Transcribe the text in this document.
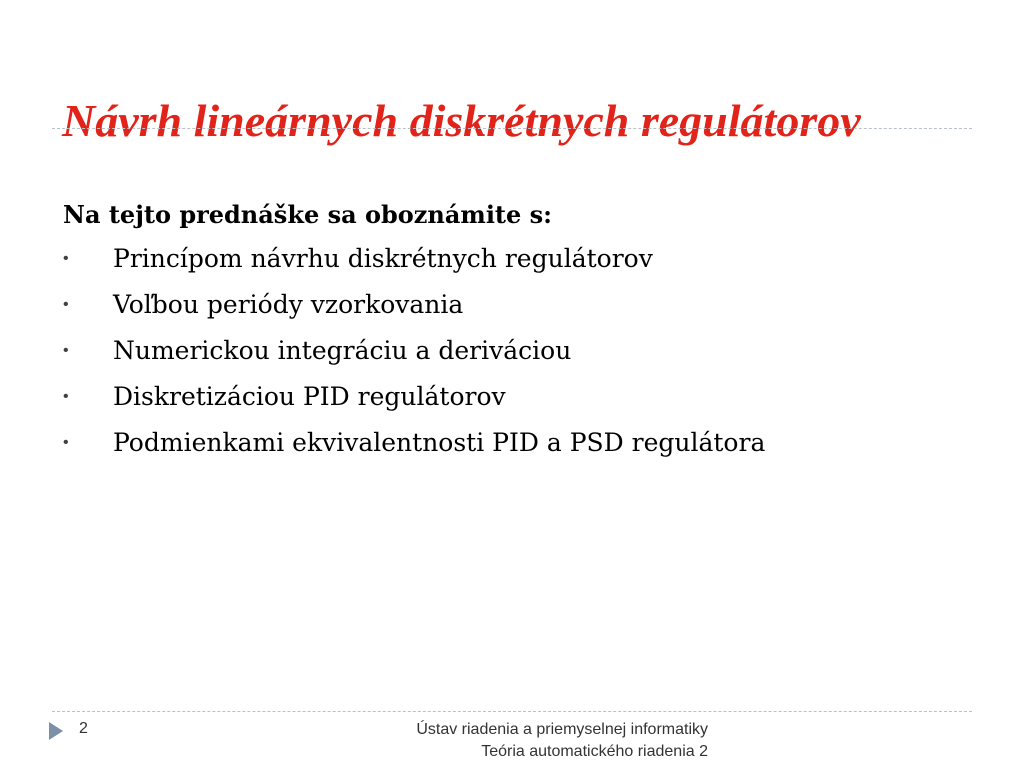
Návrh lineárnych diskrétnych regulátorov
Na tejto prednáške sa oboznámite s:
• Princípom návrhu diskrétnych regulátorov
• Voľbou periódy vzorkovania
• Numerickou integráciu a deriváciou
• Diskretizáciou PID regulátorov
• Podmienkami ekvivalentnosti PID a PSD regulátora
2	Ústav riadenia a priemyselnej informatiky
Teória automatického riadenia 2
